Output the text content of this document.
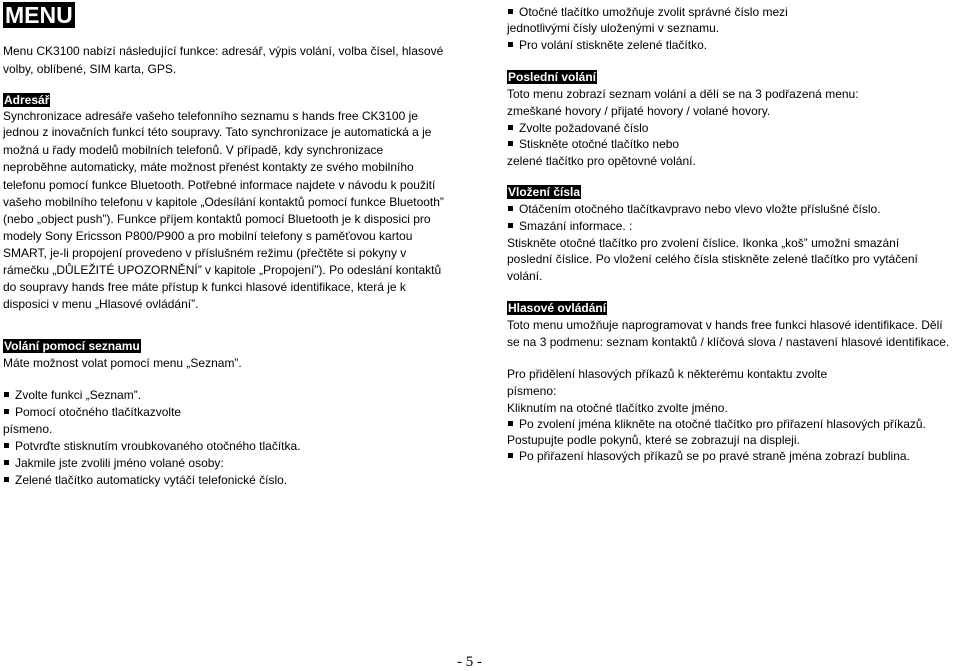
MENU
Menu CK3100 nabízí následující funkce: adresář, výpis volání, volba čísel, hlasové
volby, oblíbené, SIM karta, GPS.
Adresář
Synchronizace adresáře vašeho telefonního seznamu s hands free CK3100 je
jednou z inovačních funkcí této soupravy. Tato synchronizace je automatická a je
možná u řady modelů mobilních telefonů. V případě, kdy synchronizace
neproběhne automaticky, máte možnost přenést kontakty ze svého mobilního
telefonu pomocí funkce Bluetooth. Potřebné informace najdete v návodu k použití
vašeho mobilního telefonu v kapitole „Odesílání kontaktů pomocí funkce Bluetooth”
(nebo „object push”). Funkce příjem kontaktů pomocí Bluetooth je k disposici pro
modely Sony Ericsson P800/P900 a pro mobilní telefony s paměťovou kartou
SMART, je-li propojení provedeno v příslušném režimu (přečtěte si pokyny v
rámečku „DŮLEŽITÉ UPOZORNĚNÍ” v kapitole „Propojení”). Po odeslání kontaktů
do soupravy hands free máte přístup k funkci hlasové identifikace, která je k
disposici v menu „Hlasové ovládání”.
Volání pomocí seznamu
Máte možnost volat pomocí menu „Seznam”.
Zvolte funkci „Seznam”.
Pomocí otočného tlačítkazvolte
písmeno.
Potvrďte stisknutím vroubkovaného otočného tlačítka.
Jakmile jste zvolili jméno volané osoby:
Zelené tlačítko automaticky vytáčí telefonické číslo.
Otočné tlačítko umožňuje zvolit správné číslo mezi
jednotlivými čísly uloženými v seznamu.
Pro volání stiskněte zelené tlačítko.
Poslední volání
Toto menu zobrazí seznam volání a dělí se na 3 podřazená menu:
zmeškané hovory / přijaté hovory / volané hovory.
Zvolte požadované číslo
Stiskněte otočné tlačítko nebo
zelené tlačítko pro opětovné volání.
Vložení čísla
Otáčením otočného tlačítkavpravo nebo vlevo vložte příslušné číslo.
Smazání informace. :
Stiskněte otočné tlačítko pro zvolení číslice. Ikonka „koš” umožní smazání
poslední číslice. Po vložení celého čísla stiskněte zelené tlačítko pro vytáčení
volání.
Hlasové ovládání
Toto menu umožňuje naprogramovat v hands free funkci hlasové identifikace. Dělí
se na 3 podmenu: seznam kontaktů / klíčová slova / nastavení hlasové identifikace.
Pro přidělení hlasových příkazů k některému kontaktu zvolte
písmeno:
Kliknutím na otočné tlačítko zvolte jméno.
Po zvolení jména klikněte na otočné tlačítko pro přiřazení hlasových příkazů.
Postupujte podle pokynů, které se zobrazují na displeji.
Po přiřazení hlasových příkazů se po pravé straně jména zobrazí bublina.
- 5 -
